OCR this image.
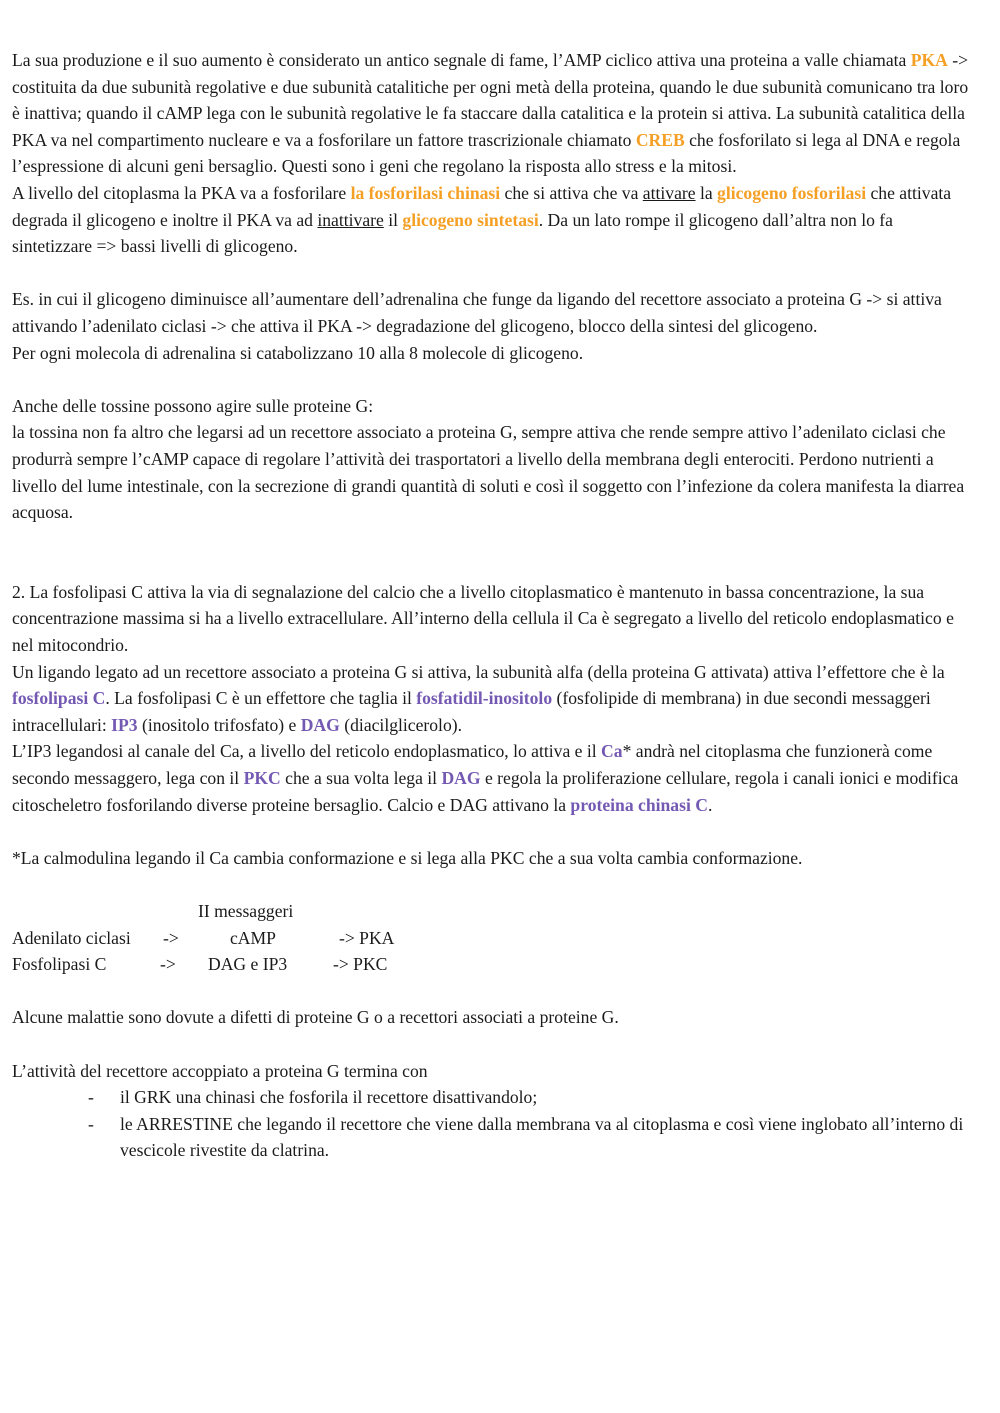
La sua produzione e il suo aumento è considerato un antico segnale di fame, l’AMP ciclico attiva una proteina a valle chiamata PKA -> costituita da due subunità regolative e due subunità catalitiche per ogni metà della proteina, quando le due subunità comunicano tra loro è inattiva; quando il cAMP lega con le subunità regolative le fa staccare dalla catalitica e la protein si attiva. La subunità catalitica della PKA va nel compartimento nucleare e va a fosforilare un fattore trascrizionale chiamato CREB che fosforilato si lega al DNA e regola l’espressione di alcuni geni bersaglio. Questi sono i geni che regolano la risposta allo stress e la mitosi.

A livello del citoplasma la PKA va a fosforilare la fosforilasi chinasi che si attiva che va attivare la glicogeno fosforilasi che attivata degrada il glicogeno e inoltre il PKA va ad inattivare il glicogeno sintetasi. Da un lato rompe il glicogeno dall’altra non lo fa sintetizzare => bassi livelli di glicogeno.

Es. in cui il glicogeno diminuisce all’aumentare dell’adrenalina che funge da ligando del recettore associato a proteina G -> si attiva attivando l’adenilato ciclasi -> che attiva il PKA -> degradazione del glicogeno, blocco della sintesi del glicogeno.

Per ogni molecola di adrenalina si catabolizzano 10 alla 8 molecole di glicogeno.

Anche delle tossine possono agire sulle proteine G:

la tossina non fa altro che legarsi ad un recettore associato a proteina G, sempre attiva che rende sempre attivo l’adenilato ciclasi che produrrà sempre l’cAMP capace di regolare l’attività dei trasportatori a livello della membrana degli enterociti. Perdono nutrienti a livello del lume intestinale, con la secrezione di grandi quantità di soluti e così il soggetto con l’infezione da colera manifesta la diarrea acquosa.

2. La fosfolipasi C attiva la via di segnalazione del calcio che a livello citoplasmatico è mantenuto in bassa concentrazione, la sua concentrazione massima si ha a livello extracellulare. All’interno della cellula il Ca è segregato a livello del reticolo endoplasmatico e nel mitocondrio.

Un ligando legato ad un recettore associato a proteina G si attiva, la subunità alfa (della proteina G attivata) attiva l’effettore che è la fosfolipasi C. La fosfolipasi C è un effettore che taglia il fosfatidil-inositolo (fosfolipide di membrana) in due secondi messaggeri intracellulari: IP3 (inositolo trifosfato) e DAG (diacilglicerolo).

L’IP3 legandosi al canale del Ca, a livello del reticolo endoplasmatico, lo attiva e il Ca* andrà nel citoplasma che funzionerà come secondo messaggero, lega con il PKC che a sua volta lega il DAG e regola la proliferazione cellulare, regola i canali ionici e modifica citoscheletro fosforilando diverse proteine bersaglio. Calcio e DAG attivano la proteina chinasi C.

*La calmodulina legando il Ca cambia conformazione e si lega alla PKC che a sua volta cambia conformazione.

II messaggeri
Adenilato ciclasi ->	cAMP	-> PKA
Fosfolipasi C	-> DAG e IP3	-> PKC

Alcune malattie sono dovute a difetti di proteine G o a recettori associati a proteine G.

L’attività del recettore accoppiato a proteina G termina con

- il GRK una chinasi che fosforila il recettore disattivandolo;
- le ARRESTINE che legando il recettore che viene dalla membrana va al citoplasma e così viene inglobato all’interno di vescicole rivestite da clatrina.
